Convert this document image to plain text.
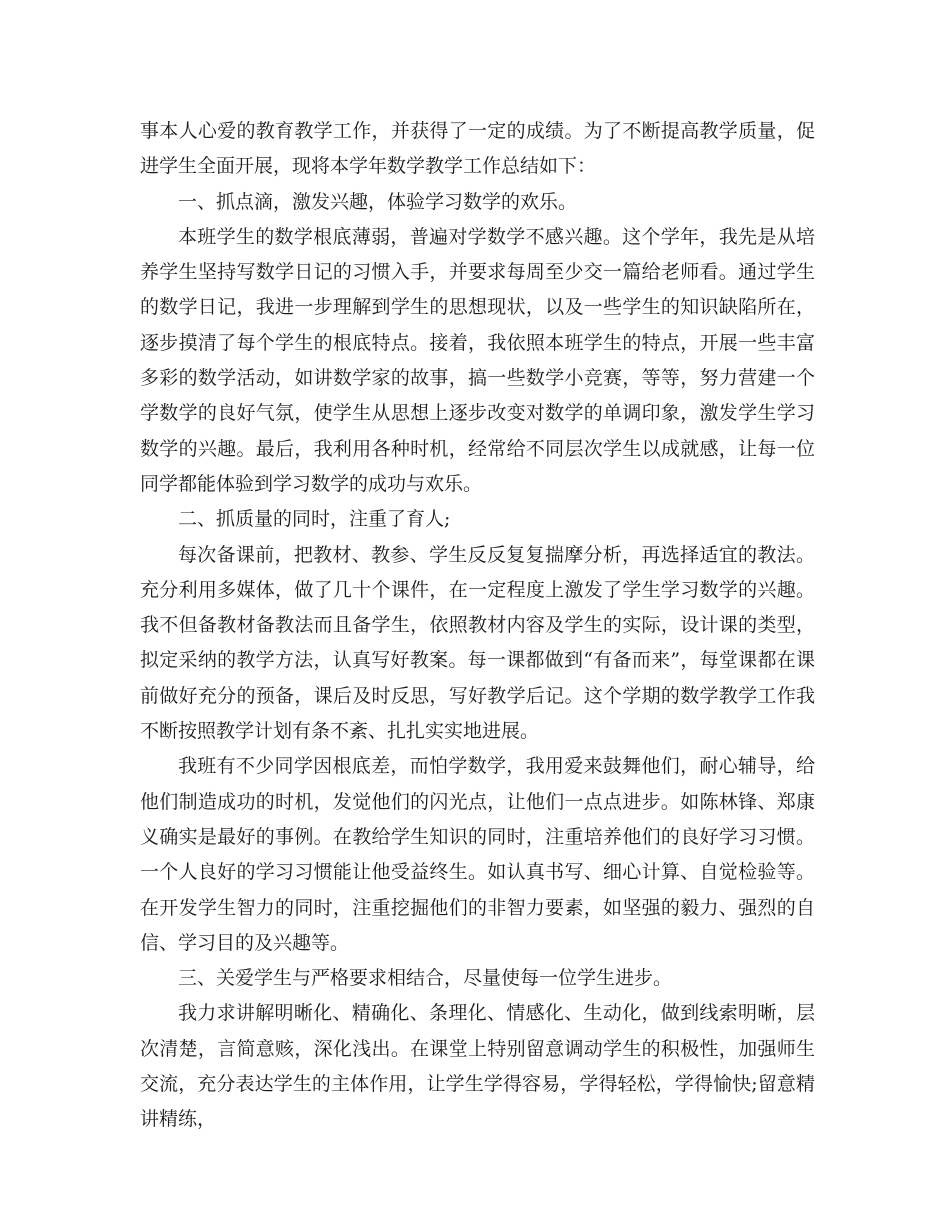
事本人心爱的教育教学工作，并获得了一定的成绩。为了不断提高教学质量，促进学生全面开展，现将本学年数学教学工作总结如下：

一、抓点滴，激发兴趣，体验学习数学的欢乐。

本班学生的数学根底薄弱，普遍对学数学不感兴趣。这个学年，我先是从培养学生坚持写数学日记的习惯入手，并要求每周至少交一篇给老师看。通过学生的数学日记，我进一步理解到学生的思想现状，以及一些学生的知识缺陷所在，逐步摸清了每个学生的根底特点。接着，我依照本班学生的特点，开展一些丰富多彩的数学活动，如讲数学家的故事，搞一些数学小竞赛，等等，努力营建一个学数学的良好气氛，使学生从思想上逐步改变对数学的单调印象，激发学生学习数学的兴趣。最后，我利用各种时机，经常给不同层次学生以成就感，让每一位同学都能体验到学习数学的成功与欢乐。

二、抓质量的同时，注重了育人;

每次备课前，把教材、教参、学生反反复复揣摩分析，再选择适宜的教法。充分利用多媒体，做了几十个课件，在一定程度上激发了学生学习数学的兴趣。我不但备教材备教法而且备学生，依照教材内容及学生的实际，设计课的类型，拟定采纳的教学方法，认真写好教案。每一课都做到“有备而来”，每堂课都在课前做好充分的预备，课后及时反思，写好教学后记。这个学期的数学教学工作我不断按照教学计划有条不紊、扎扎实实地进展。

我班有不少同学因根底差，而怕学数学，我用爱来鼓舞他们，耐心辅导，给他们制造成功的时机，发觉他们的闪光点，让他们一点点进步。如陈林锋、郑康义确实是最好的事例。在教给学生知识的同时，注重培养他们的良好学习习惯。一个人良好的学习习惯能让他受益终生。如认真书写、细心计算、自觉检验等。在开发学生智力的同时，注重挖掘他们的非智力要素，如坚强的毅力、强烈的自信、学习目的及兴趣等。

三、关爱学生与严格要求相结合，尽量使每一位学生进步。

我力求讲解明晰化、精确化、条理化、情感化、生动化，做到线索明晰，层次清楚，言简意赅，深化浅出。在课堂上特别留意调动学生的积极性，加强师生交流，充分表达学生的主体作用，让学生学得容易，学得轻松，学得愉快;留意精讲精练，
